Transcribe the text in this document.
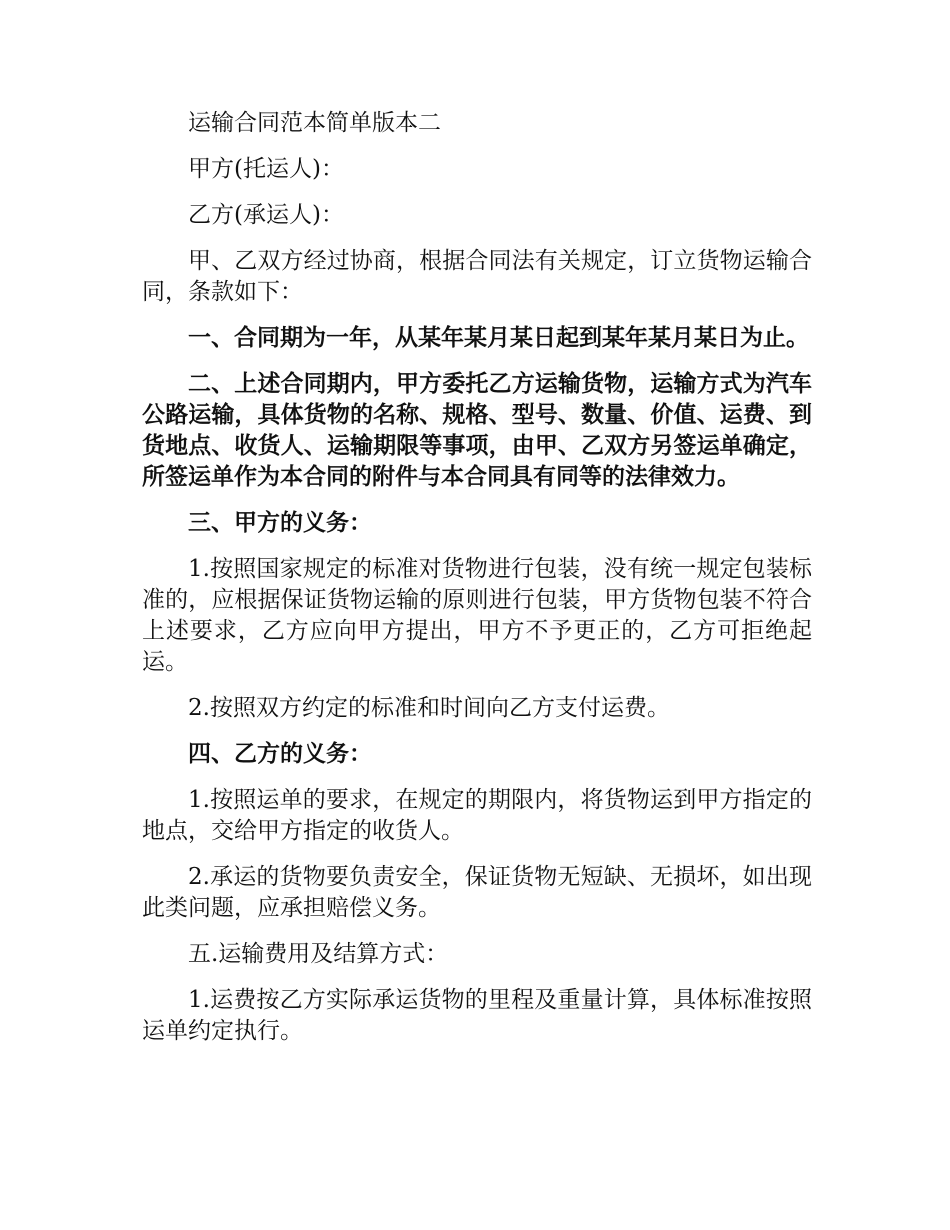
运输合同范本简单版本二

甲方(托运人)：

乙方(承运人)：

甲、乙双方经过协商，根据合同法有关规定，订立货物运输合同，条款如下：

一、合同期为一年，从某年某月某日起到某年某月某日为止。

二、上述合同期内，甲方委托乙方运输货物，运输方式为汽车公路运输，具体货物的名称、规格、型号、数量、价值、运费、到货地点、收货人、运输期限等事项，由甲、乙双方另签运单确定，所签运单作为本合同的附件与本合同具有同等的法律效力。

三、甲方的义务：

1.按照国家规定的标准对货物进行包装，没有统一规定包装标准的，应根据保证货物运输的原则进行包装，甲方货物包装不符合上述要求，乙方应向甲方提出，甲方不予更正的，乙方可拒绝起运。

2.按照双方约定的标准和时间向乙方支付运费。

四、乙方的义务：

1.按照运单的要求，在规定的期限内，将货物运到甲方指定的地点，交给甲方指定的收货人。

2.承运的货物要负责安全，保证货物无短缺、无损坏，如出现此类问题，应承担赔偿义务。

五.运输费用及结算方式：

1.运费按乙方实际承运货物的里程及重量计算，具体标准按照运单约定执行。
